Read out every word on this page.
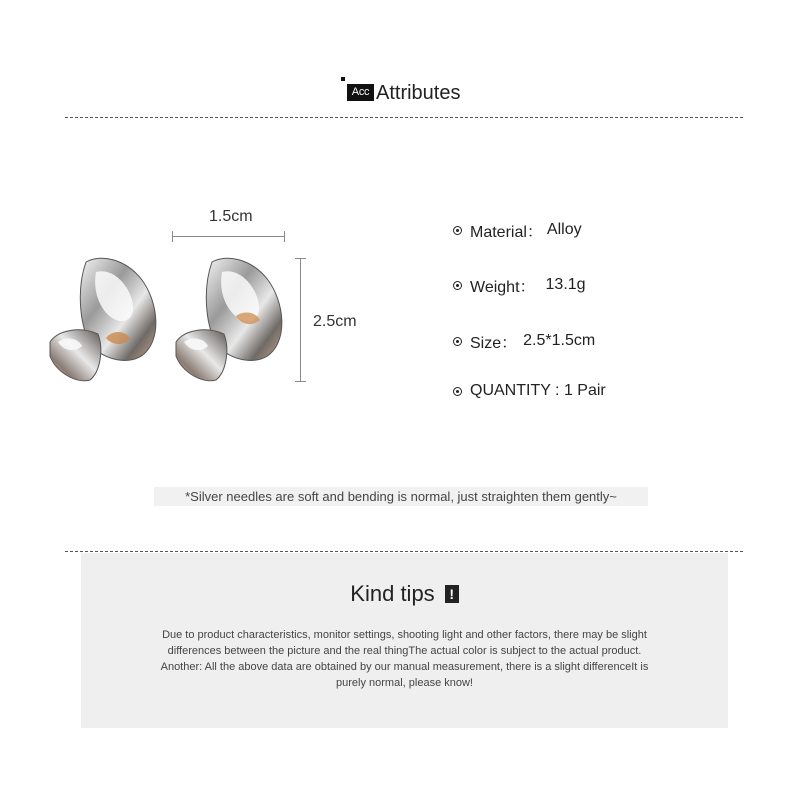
Acc Attributes
1.5cm
2.5cm
Material： Alloy
Weight： 13.1g
Size： 2.5*1.5cm
QUANTITY : 1 Pair
*Silver needles are soft and bending is normal, just straighten them gently~
Kind tips !
Due to product characteristics, monitor settings, shooting light and other factors, there may be slight
differences between the picture and the real thingThe actual color is subject to the actual product.
Another: All the above data are obtained by our manual measurement, there is a slight differenceIt is
purely normal, please know!
